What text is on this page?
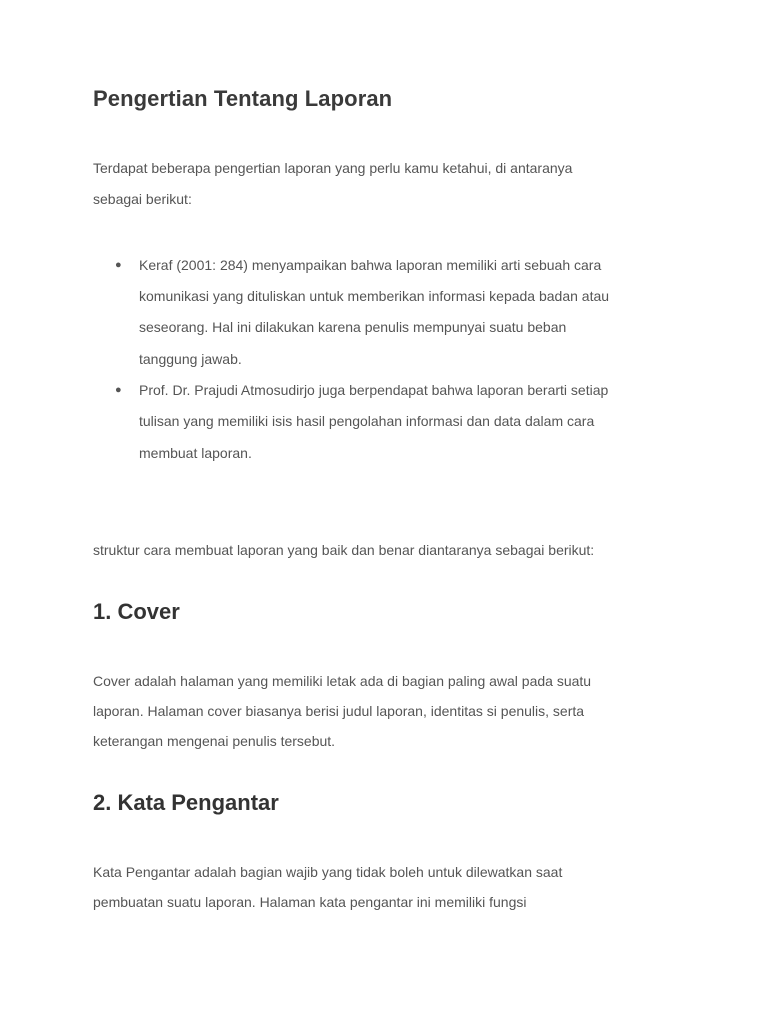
Pengertian Tentang Laporan

Terdapat beberapa pengertian laporan yang perlu kamu ketahui, di antaranya

sebagai berikut:

● Keraf (2001: 284) menyampaikan bahwa laporan memiliki arti sebuah cara

komunikasi yang dituliskan untuk memberikan informasi kepada badan atau

seseorang. Hal ini dilakukan karena penulis mempunyai suatu beban

tanggung jawab.

● Prof. Dr. Prajudi Atmosudirjo juga berpendapat bahwa laporan berarti setiap

tulisan yang memiliki isis hasil pengolahan informasi dan data dalam cara

membuat laporan.

struktur cara membuat laporan yang baik dan benar diantaranya sebagai berikut:

1. Cover

Cover adalah halaman yang memiliki letak ada di bagian paling awal pada suatu

laporan. Halaman cover biasanya berisi judul laporan, identitas si penulis, serta

keterangan mengenai penulis tersebut.

2. Kata Pengantar

Kata Pengantar adalah bagian wajib yang tidak boleh untuk dilewatkan saat

pembuatan suatu laporan. Halaman kata pengantar ini memiliki fungsi
